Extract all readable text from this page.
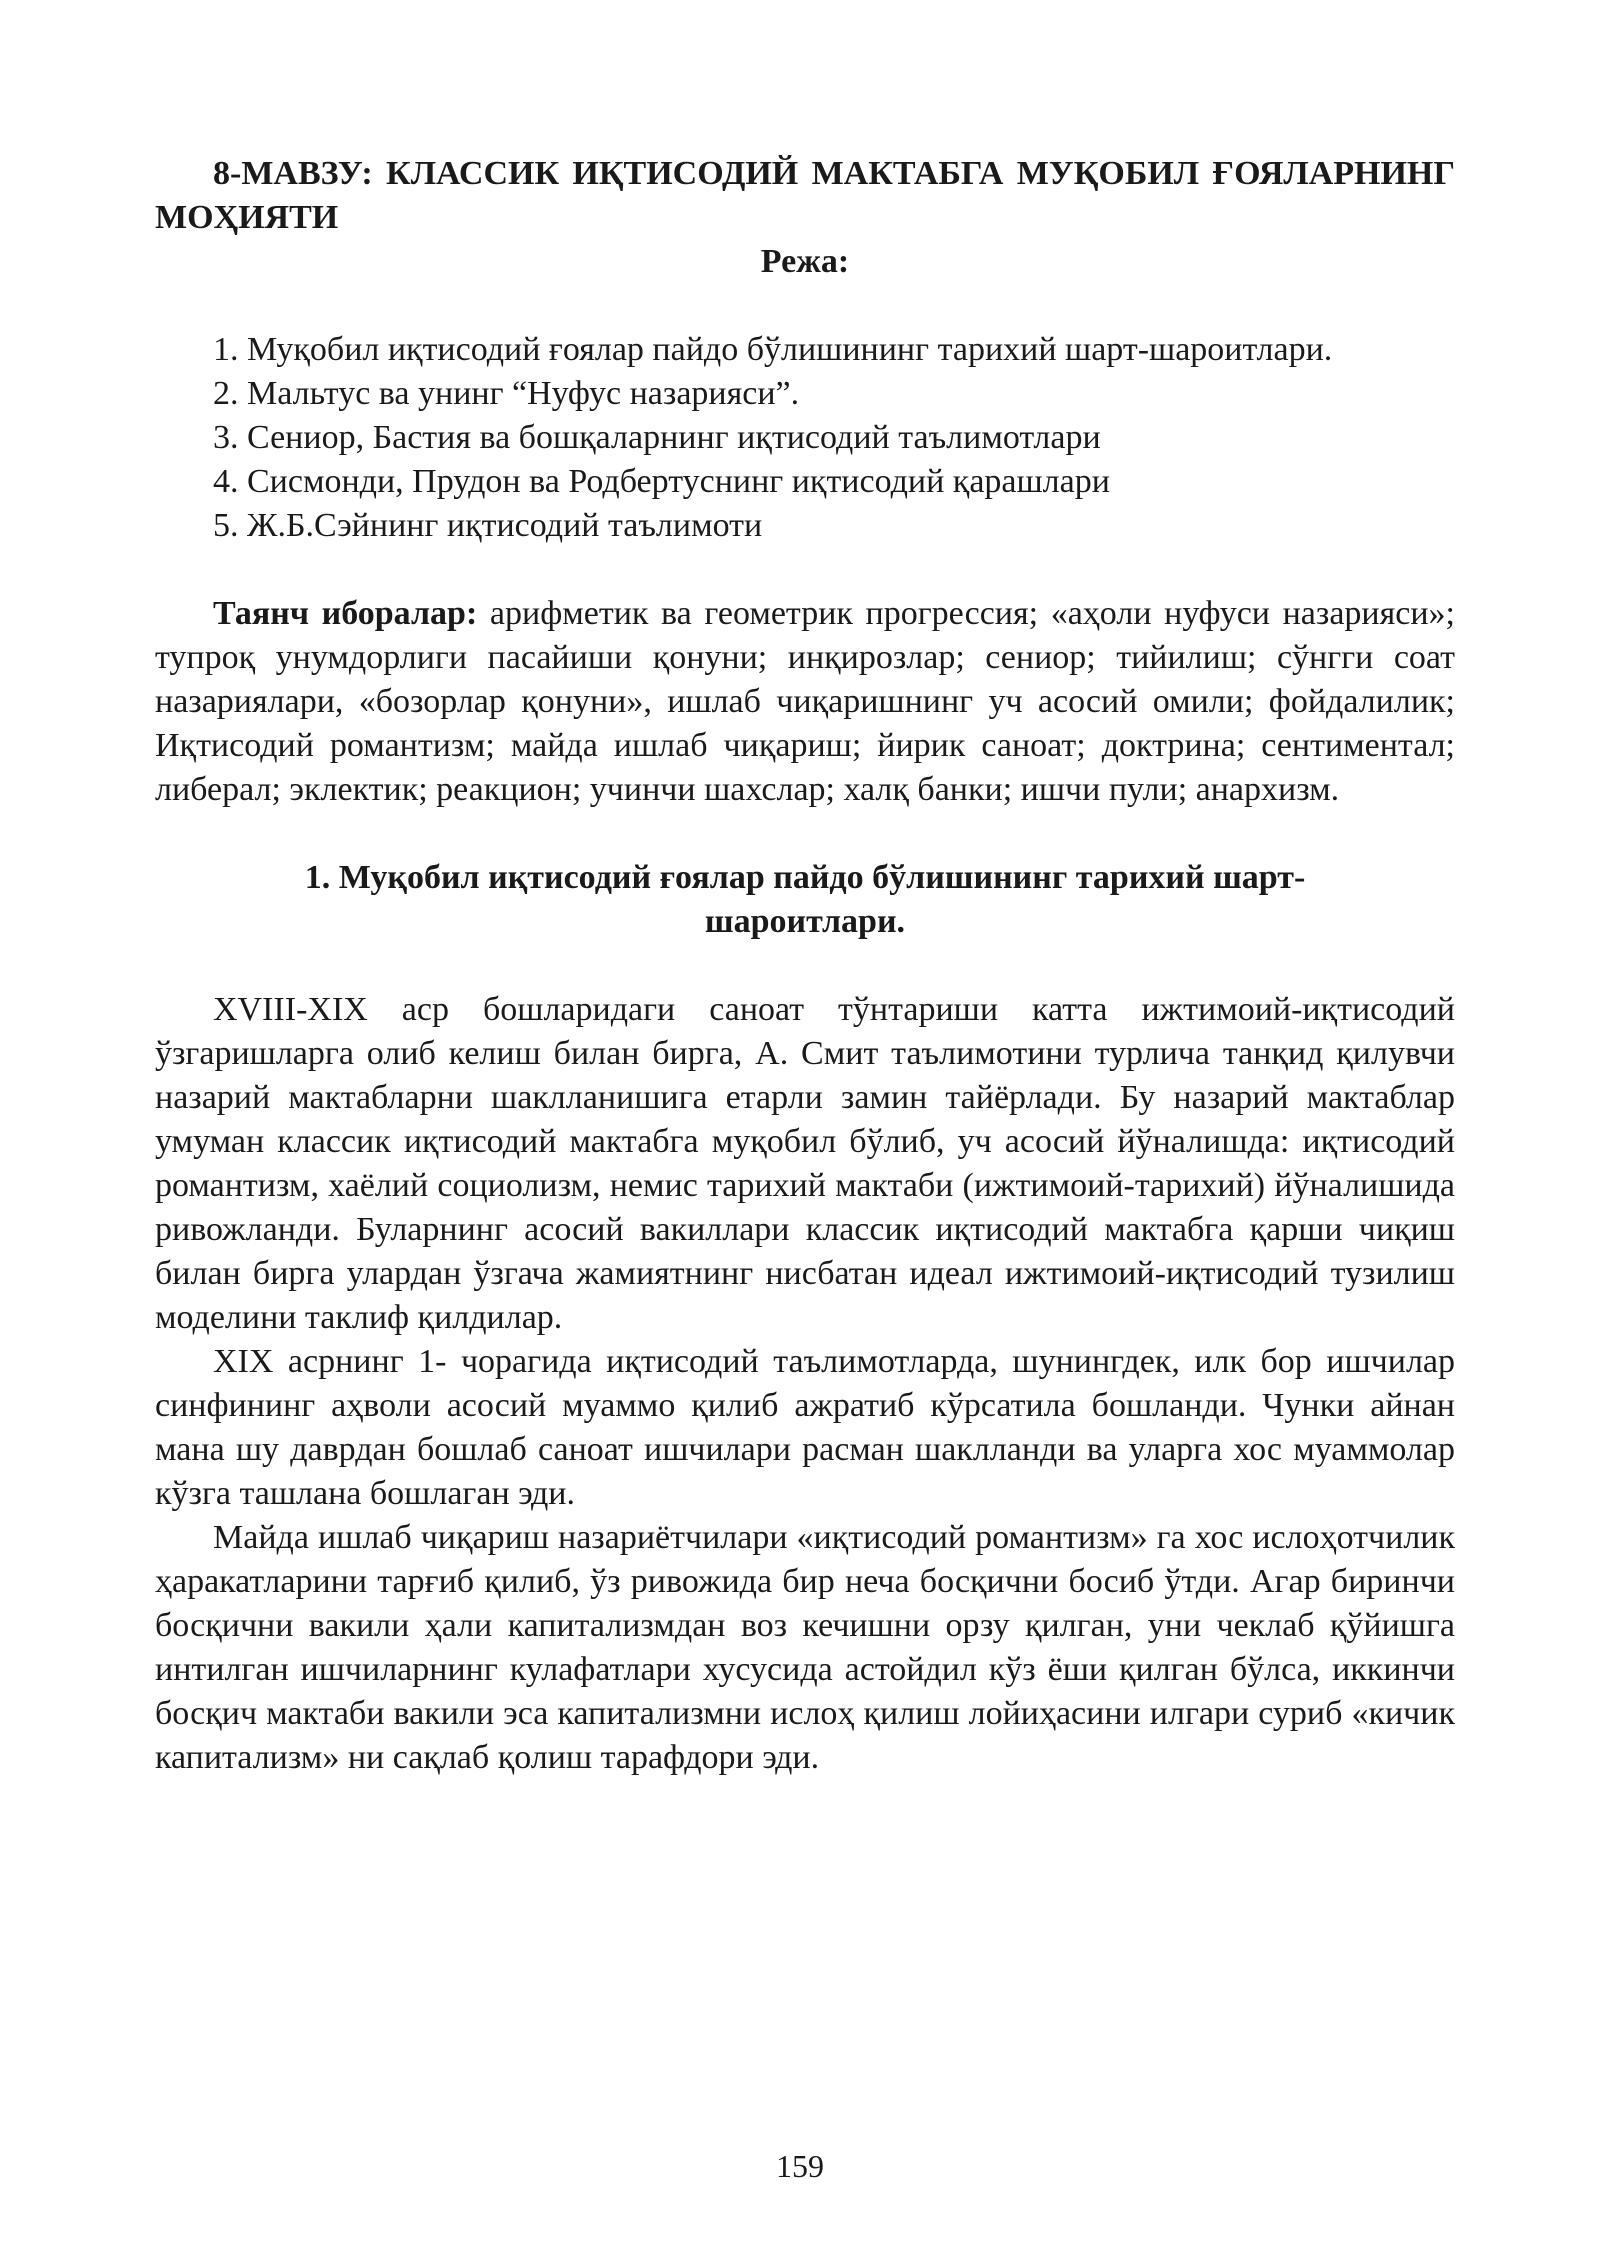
8-МАВЗУ: КЛАССИК ИҚТИСОДИЙ МАКТАБГА МУҚОБИЛ ҒОЯЛАРНИНГ МОҲИЯТИ

Режа:

1. Муқобил иқтисодий ғоялар пайдо бўлишининг тарихий шарт-шароитлари.

2. Мальтус ва унинг “Нуфус назарияси”.

3. Сениор, Бастия ва бошқаларнинг иқтисодий таълимотлари

4. Сисмонди, Прудон ва Родбертуснинг иқтисодий қарашлари

5. Ж.Б.Сэйнинг иқтисодий таълимоти

Таянч иборалар: арифметик ва геометрик прогрессия; «аҳоли нуфуси назарияси»; тупроқ унумдорлиги пасайиши қонуни; инқирозлар; сениор; тийилиш; сўнгги соат назариялари, «бозорлар қонуни», ишлаб чиқаришнинг уч асосий омили; фойдалилик; Иқтисодий романтизм; майда ишлаб чиқариш; йирик саноат; доктрина; сентиментал; либерал; эклектик; реакцион; учинчи шахслар; халқ банки; ишчи пули; анархизм.

1. Муқобил иқтисодий ғоялар пайдо бўлишининг тарихий шарт-шароитлари.

XVIII-XIX аср бошларидаги саноат тўнтариши катта ижтимоий-иқтисодий ўзгаришларга олиб келиш билан бирга, А. Смит таълимотини турлича танқид қилувчи назарий мактабларни шаклланишига етарли замин тайёрлади. Бу назарий мактаблар умуман классик иқтисодий мактабга муқобил бўлиб, уч асосий йўналишда: иқтисодий романтизм, хаёлий социолизм, немис тарихий мактаби (ижтимоий-тарихий) йўналишида ривожланди. Буларнинг асосий вакиллари классик иқтисодий мактабга қарши чиқиш билан бирга улардан ўзгача жамиятнинг нисбатан идеал ижтимоий-иқтисодий тузилиш моделини таклиф қилдилар.

XIX асрнинг 1- чорагида иқтисодий таълимотларда, шунингдек, илк бор ишчилар синфининг аҳволи асосий муаммо қилиб ажратиб кўрсатила бошланди. Чунки айнан мана шу даврдан бошлаб саноат ишчилари расман шаклланди ва уларга хос муаммолар кўзга ташлана бошлаган эди.

Майда ишлаб чиқариш назариётчилари «иқтисодий романтизм» га хос ислоҳотчилик ҳаракатларини тарғиб қилиб, ўз ривожида бир неча босқични босиб ўтди. Агар биринчи босқични вакили ҳали капитализмдан воз кечишни орзу қилган, уни чеклаб қўйишга интилган ишчиларнинг кулафатлари хусусида астойдил кўз ёши қилган бўлса, иккинчи босқич мактаби вакили эса капитализмни ислоҳ қилиш лойиҳасини илгари суриб «кичик капитализм» ни сақлаб қолиш тарафдори эди.

159
